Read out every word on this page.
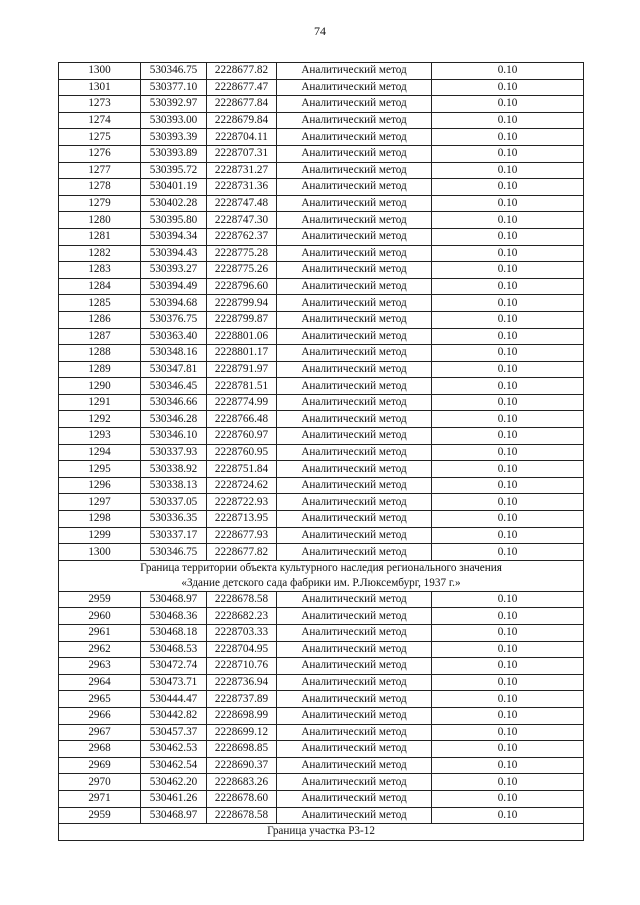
74
1300	530346.75	2228677.82	Аналитический метод	0.10
1301	530377.10	2228677.47	Аналитический метод	0.10
1273	530392.97	2228677.84	Аналитический метод	0.10
1274	530393.00	2228679.84	Аналитический метод	0.10
1275	530393.39	2228704.11	Аналитический метод	0.10
1276	530393.89	2228707.31	Аналитический метод	0.10
1277	530395.72	2228731.27	Аналитический метод	0.10
1278	530401.19	2228731.36	Аналитический метод	0.10
1279	530402.28	2228747.48	Аналитический метод	0.10
1280	530395.80	2228747.30	Аналитический метод	0.10
1281	530394.34	2228762.37	Аналитический метод	0.10
1282	530394.43	2228775.28	Аналитический метод	0.10
1283	530393.27	2228775.26	Аналитический метод	0.10
1284	530394.49	2228796.60	Аналитический метод	0.10
1285	530394.68	2228799.94	Аналитический метод	0.10
1286	530376.75	2228799.87	Аналитический метод	0.10
1287	530363.40	2228801.06	Аналитический метод	0.10
1288	530348.16	2228801.17	Аналитический метод	0.10
1289	530347.81	2228791.97	Аналитический метод	0.10
1290	530346.45	2228781.51	Аналитический метод	0.10
1291	530346.66	2228774.99	Аналитический метод	0.10
1292	530346.28	2228766.48	Аналитический метод	0.10
1293	530346.10	2228760.97	Аналитический метод	0.10
1294	530337.93	2228760.95	Аналитический метод	0.10
1295	530338.92	2228751.84	Аналитический метод	0.10
1296	530338.13	2228724.62	Аналитический метод	0.10
1297	530337.05	2228722.93	Аналитический метод	0.10
1298	530336.35	2228713.95	Аналитический метод	0.10
1299	530337.17	2228677.93	Аналитический метод	0.10
1300	530346.75	2228677.82	Аналитический метод	0.10

Граница территории объекта культурного наследия регионального значения
«Здание детского сада фабрики им. Р.Люксембург, 1937 г.»				

2959	530468.97	2228678.58	Аналитический метод	0.10
2960	530468.36	2228682.23	Аналитический метод	0.10
2961	530468.18	2228703.33	Аналитический метод	0.10
2962	530468.53	2228704.95	Аналитический метод	0.10
2963	530472.74	2228710.76	Аналитический метод	0.10
2964	530473.71	2228736.94	Аналитический метод	0.10
2965	530444.47	2228737.89	Аналитический метод	0.10
2966	530442.82	2228698.99	Аналитический метод	0.10
2967	530457.37	2228699.12	Аналитический метод	0.10
2968	530462.53	2228698.85	Аналитический метод	0.10
2969	530462.54	2228690.37	Аналитический метод	0.10
2970	530462.20	2228683.26	Аналитический метод	0.10
2971	530461.26	2228678.60	Аналитический метод	0.10
2959	530468.97	2228678.58	Аналитический метод	0.10
Граница участка Р3-12				
